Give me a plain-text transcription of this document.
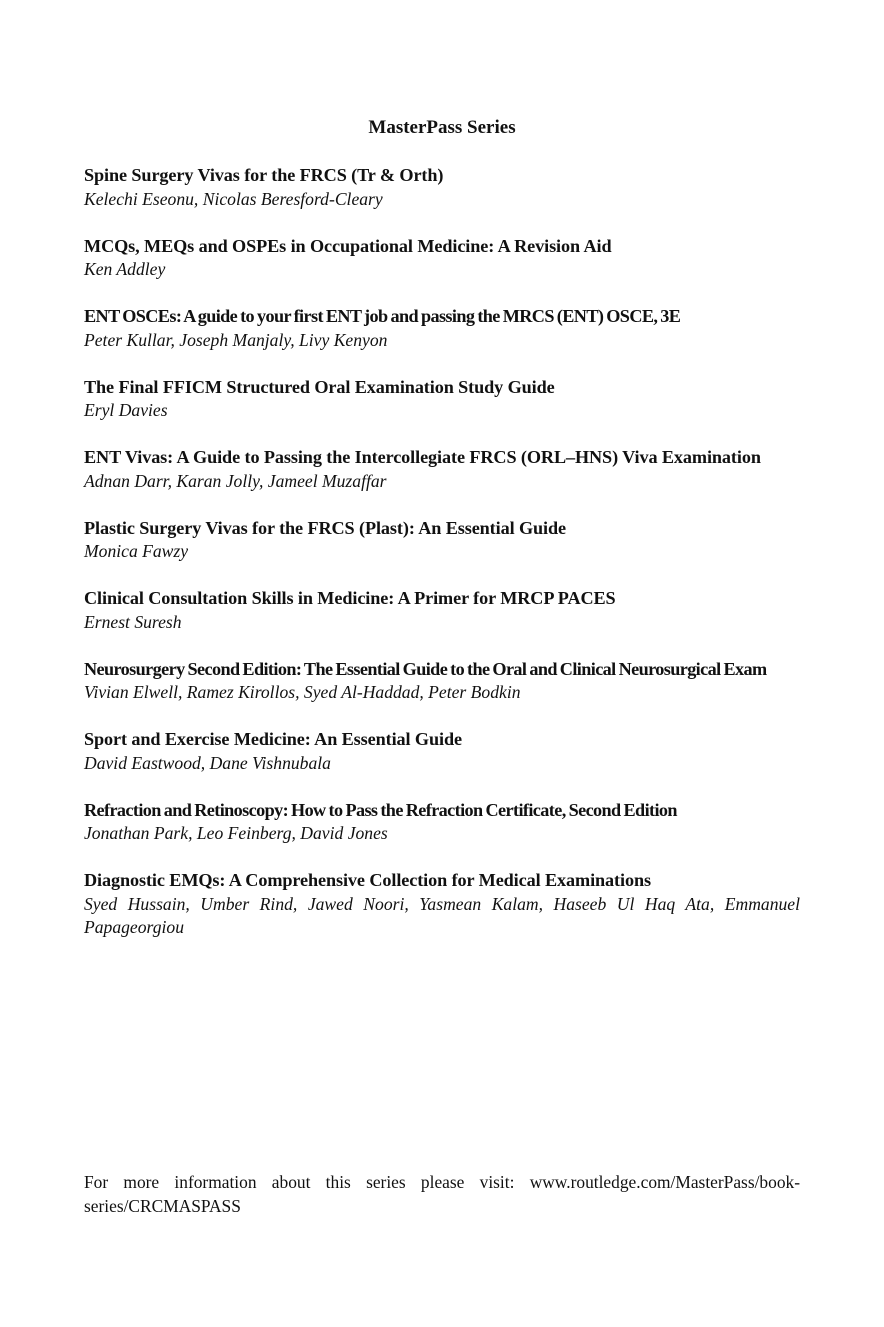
MasterPass Series
Spine Surgery Vivas for the FRCS (Tr & Orth)
Kelechi Eseonu, Nicolas Beresford-Cleary
MCQs, MEQs and OSPEs in Occupational Medicine: A Revision Aid
Ken Addley
ENT OSCEs: A guide to your first ENT job and passing the MRCS (ENT) OSCE, 3E
Peter Kullar, Joseph Manjaly, Livy Kenyon
The Final FFICM Structured Oral Examination Study Guide
Eryl Davies
ENT Vivas: A Guide to Passing the Intercollegiate FRCS (ORL–HNS) Viva Examination
Adnan Darr, Karan Jolly, Jameel Muzaffar
Plastic Surgery Vivas for the FRCS (Plast): An Essential Guide
Monica Fawzy
Clinical Consultation Skills in Medicine: A Primer for MRCP PACES
Ernest Suresh
Neurosurgery Second Edition: The Essential Guide to the Oral and Clinical Neurosurgical Exam
Vivian Elwell, Ramez Kirollos, Syed Al-Haddad, Peter Bodkin
Sport and Exercise Medicine: An Essential Guide
David Eastwood, Dane Vishnubala
Refraction and Retinoscopy: How to Pass the Refraction Certificate, Second Edition
Jonathan Park, Leo Feinberg, David Jones
Diagnostic EMQs: A Comprehensive Collection for Medical Examinations
Syed Hussain, Umber Rind, Jawed Noori, Yasmean Kalam, Haseeb Ul Haq Ata, Emmanuel Papageorgiou

For more information about this series please visit: www.routledge.com/MasterPass/book-series/CRCMASPASS
